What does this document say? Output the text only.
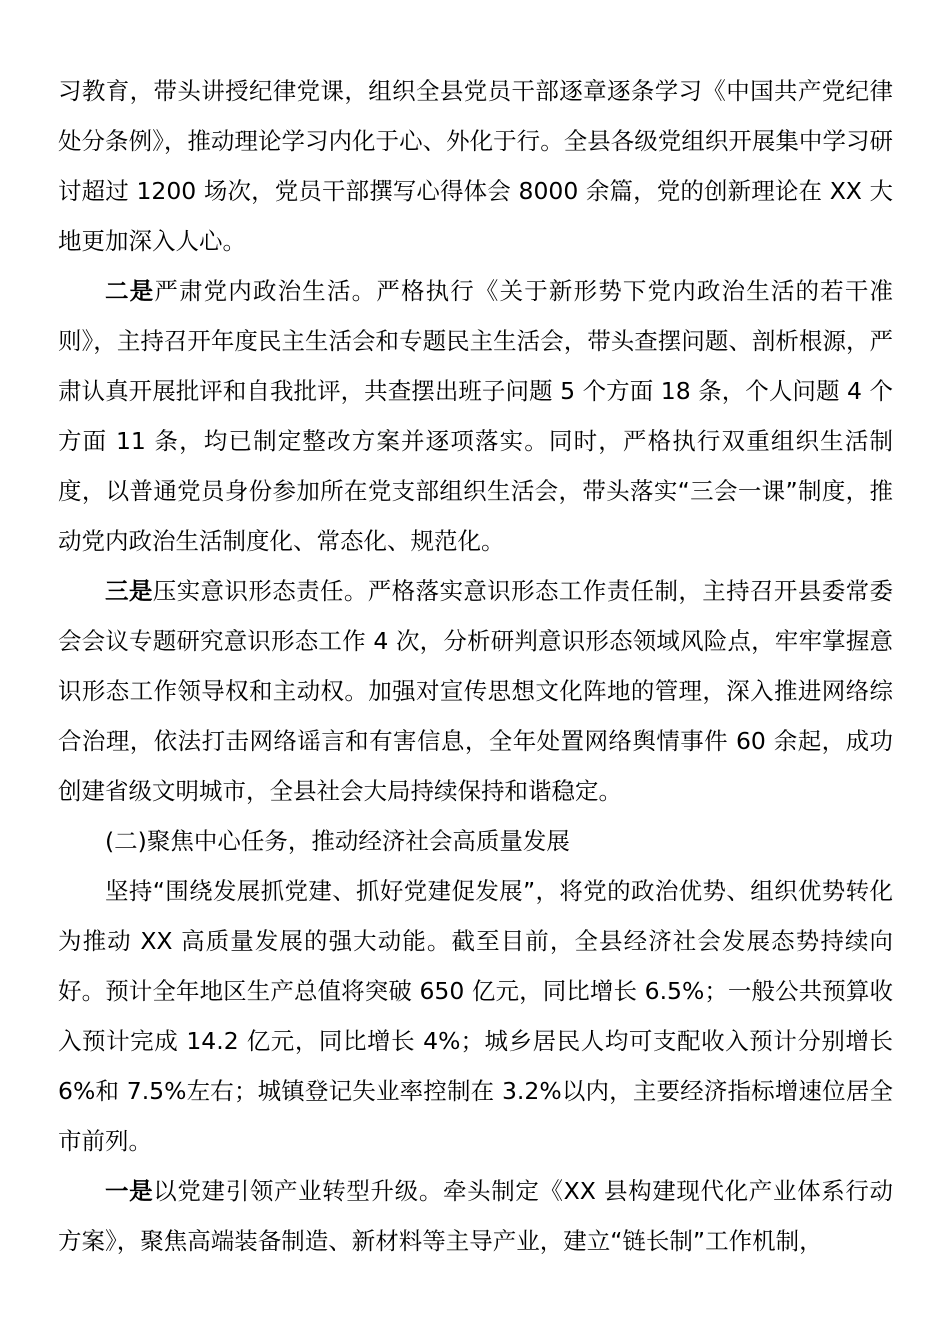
习教育，带头讲授纪律党课，组织全县党员干部逐章逐条学习《中国共产党纪律处分条例》，推动理论学习内化于心、外化于行。全县各级党组织开展集中学习研讨超过 1200 场次，党员干部撰写心得体会 8000 余篇，党的创新理论在 XX 大地更加深入人心。

二是严肃党内政治生活。严格执行《关于新形势下党内政治生活的若干准则》，主持召开年度民主生活会和专题民主生活会，带头查摆问题、剖析根源，严肃认真开展批评和自我批评，共查摆出班子问题 5 个方面 18 条，个人问题 4 个方面 11 条，均已制定整改方案并逐项落实。同时，严格执行双重组织生活制度，以普通党员身份参加所在党支部组织生活会，带头落实“三会一课”制度，推动党内政治生活制度化、常态化、规范化。

三是压实意识形态责任。严格落实意识形态工作责任制，主持召开县委常委会会议专题研究意识形态工作 4 次，分析研判意识形态领域风险点，牢牢掌握意识形态工作领导权和主动权。加强对宣传思想文化阵地的管理，深入推进网络综合治理，依法打击网络谣言和有害信息，全年处置网络舆情事件 60 余起，成功创建省级文明城市，全县社会大局持续保持和谐稳定。

(二)聚焦中心任务，推动经济社会高质量发展

坚持“围绕发展抓党建、抓好党建促发展”，将党的政治优势、组织优势转化为推动 XX 高质量发展的强大动能。截至目前，全县经济社会发展态势持续向好。预计全年地区生产总值将突破 650 亿元，同比增长 6.5%；一般公共预算收入预计完成 14.2 亿元，同比增长 4%；城乡居民人均可支配收入预计分别增长 6%和 7.5%左右；城镇登记失业率控制在 3.2%以内，主要经济指标增速位居全市前列。

一是以党建引领产业转型升级。牵头制定《XX 县构建现代化产业体系行动方案》，聚焦高端装备制造、新材料等主导产业，建立“链长制”工作机制，
